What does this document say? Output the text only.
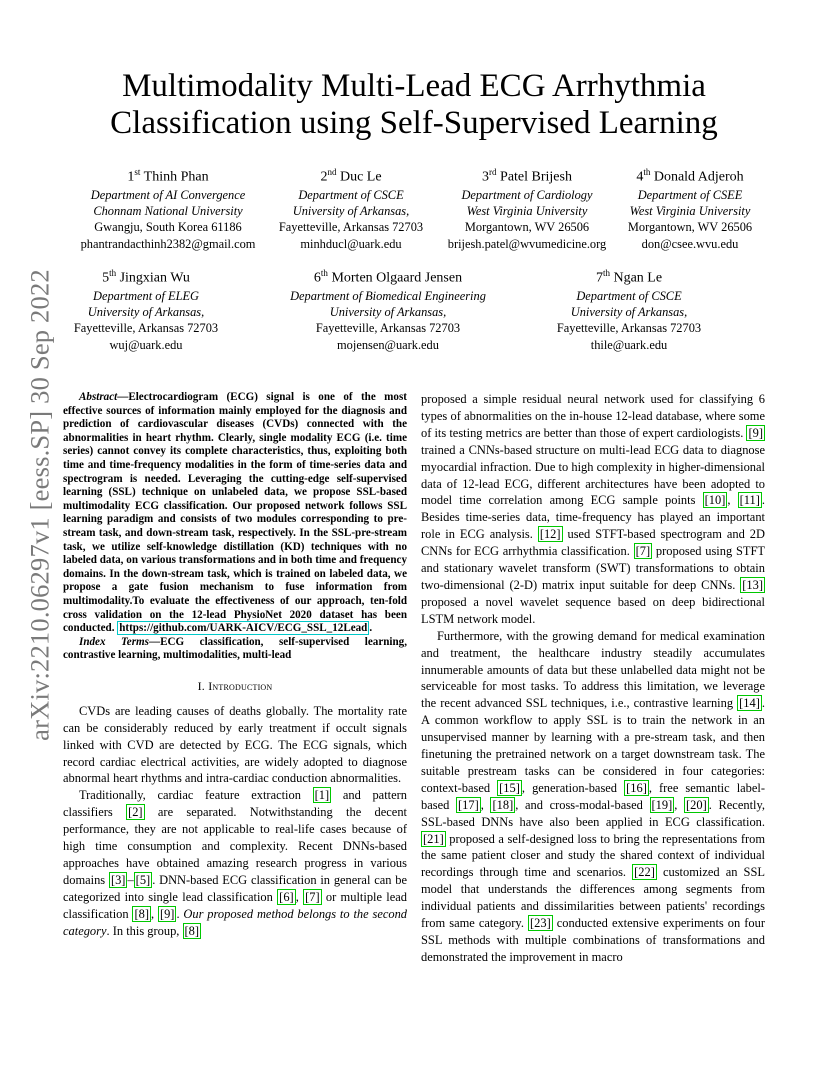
arXiv:2210.06297v1 [eess.SP] 30 Sep 2022
Multimodality Multi-Lead ECG Arrhythmia
Classification using Self-Supervised Learning
1st Thinh Phan
Department of AI Convergence
Chonnam National University
Gwangju, South Korea 61186
phantrandacthinh2382@gmail.com
2nd Duc Le
Department of CSCE
University of Arkansas,
Fayetteville, Arkansas 72703
minhducl@uark.edu
3rd Patel Brijesh
Department of Cardiology
West Virginia University
Morgantown, WV 26506
brijesh.patel@wvumedicine.org
4th Donald Adjeroh
Department of CSEE
West Virginia University
Morgantown, WV 26506
don@csee.wvu.edu
5th Jingxian Wu
Department of ELEG
University of Arkansas,
Fayetteville, Arkansas 72703
wuj@uark.edu
6th Morten Olgaard Jensen
Department of Biomedical Engineering
University of Arkansas,
Fayetteville, Arkansas 72703
mojensen@uark.edu
7th Ngan Le
Department of CSCE
University of Arkansas,
Fayetteville, Arkansas 72703
thile@uark.edu
Abstract—Electrocardiogram (ECG) signal is one of the most effective sources of information mainly employed for the diagnosis and prediction of cardiovascular diseases (CVDs) connected with the abnormalities in heart rhythm. Clearly, single modality ECG (i.e. time series) cannot convey its complete characteristics, thus, exploiting both time and time-frequency modalities in the form of time-series data and spectrogram is needed. Leveraging the cutting-edge self-supervised learning (SSL) technique on unlabeled data, we propose SSL-based multimodality ECG classification. Our proposed network follows SSL learning paradigm and consists of two modules corresponding to pre-stream task, and down-stream task, respectively. In the SSL-pre-stream task, we utilize self-knowledge distillation (KD) techniques with no labeled data, on various transformations and in both time and frequency domains. In the down-stream task, which is trained on labeled data, we propose a gate fusion mechanism to fuse information from multimodality.To evaluate the effectiveness of our approach, ten-fold cross validation on the 12-lead PhysioNet 2020 dataset has been conducted. https://github.com/UARK-AICV/ECG_SSL_12Lead .
Index Terms—ECG classification, self-supervised learning, contrastive learning, multimodalities, multi-lead
I. Introduction

CVDs are leading causes of deaths globally. The mortality rate can be considerably reduced by early treatment if occult signals linked with CVD are detected by ECG. The ECG signals, which record cardiac electrical activities, are widely adopted to diagnose abnormal heart rhythms and intra-cardiac conduction abnormalities.

Traditionally, cardiac feature extraction [1] and pattern classifiers [2] are separated. Notwithstanding the decent performance, they are not applicable to real-life cases because of high time consumption and complexity. Recent DNNs-based approaches have obtained amazing research progress in various domains [3] – [5] . DNN-based ECG classification in general can be categorized into single lead classification [6] , [7] or multiple lead classification [8] , [9] . Our proposed method belongs to the second category. In this group, [8]

proposed a simple residual neural network used for classifying 6 types of abnormalities on the in-house 12-lead database, where some of its testing metrics are better than those of expert cardiologists. [9] trained a CNNs-based structure on multi-lead ECG data to diagnose myocardial infraction. Due to high complexity in higher-dimensional data of 12-lead ECG, different architectures have been adopted to model time correlation among ECG sample points [10] , [11] . Besides time-series data, time-frequency has played an important role in ECG analysis. [12] used STFT-based spectrogram and 2D CNNs for ECG arrhythmia classification. [7] proposed using STFT and stationary wavelet transform (SWT) transformations to obtain two-dimensional (2-D) matrix input suitable for deep CNNs. [13] proposed a novel wavelet sequence based on deep bidirectional LSTM network model.

Furthermore, with the growing demand for medical examination and treatment, the healthcare industry steadily accumulates innumerable amounts of data but these unlabelled data might not be serviceable for most tasks. To address this limitation, we leverage the recent advanced SSL techniques, i.e., contrastive learning [14] . A common workflow to apply SSL is to train the network in an unsupervised manner by learning with a pre-stream task, and then finetuning the pretrained network on a target downstream task. The suitable prestream tasks can be considered in four categories: context-based [15] , generation-based [16] , free semantic label-based [17] , [18] , and cross-modal-based [19] , [20] . Recently, SSL-based DNNs have also been applied in ECG classification. [21] proposed a self-designed loss to bring the representations from the same patient closer and study the shared context of individual recordings through time and scenarios. [22] customized an SSL model that understands the differences among segments from individual patients and dissimilarities between patients' recordings from same category. [23] conducted extensive experiments on four SSL methods with multiple combinations of transformations and demonstrated the improvement in macro
